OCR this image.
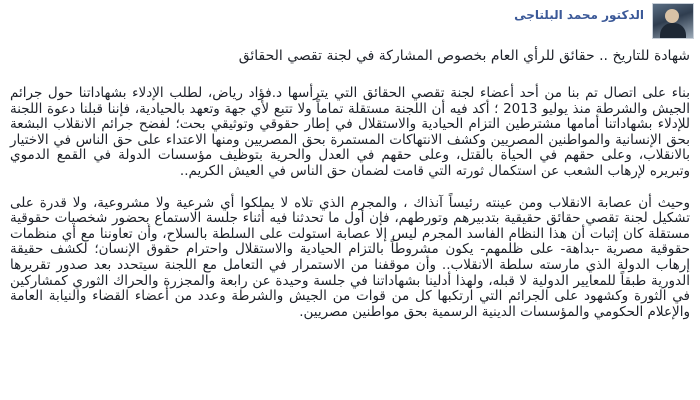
الدكتور محمد البلتاجى
شهادة للتاريخ .. حقائق للرأي العام بخصوص المشاركة في لجنة تقصي الحقائق

بناء على اتصال تم بنا من أحد أعضاء لجنة تقصي الحقائق التي يترأسها د.فؤاد رياض، لطلب الإدلاء بشهاداتنا حول جرائم الجيش والشرطة منذ يوليو 2013 ؛ أكد فيه أن اللجنة مستقلة تماماً ولا تتبع لأي جهة وتعهد بالحيادية، فإننا قبلنا دعوة اللجنة للإدلاء بشهاداتنا أمامها مشترطين التزام الحيادية والاستقلال في إطار حقوقي وتوثيقي بحت؛ لفضح جرائم الانقلاب البشعة بحق الإنسانية والمواطنين المصريين وكشف الانتهاكات المستمرة بحق المصريين ومنها الاعتداء على حق الناس في الاختيار بالانقلاب، وعلى حقهم في الحياة بالقتل، وعلى حقهم في العدل والحرية بتوظيف مؤسسات الدولة في القمع الدموي وتبريره لإرهاب الشعب عن استكمال ثورته التي قامت لضمان حق الناس في العيش الكريم..

وحيث أن عصابة الانقلاب ومن عينته رئيساً آنذاك ، والمجرم الذي تلاه لا يملكوا أي شرعية ولا مشروعية، ولا قدرة على تشكيل لجنة تقصي حقائق حقيقية بتدبيرهم وتورطهم، فإن أول ما تحدثنا فيه أثناء جلسة الاستماع بحضور شخصيات حقوقية مستقلة كان إثبات أن هذا النظام الفاسد المجرم ليس إلا عصابة استولت على السلطة بالسلاح، وأن تعاوننا مع أي منظمات حقوقية مصرية -بداهة- على ظلمهم- يكون مشروطاً بالتزام الحيادية والاستقلال واحترام حقوق الإنسان؛ لكشف حقيقة إرهاب الدولة الذي مارسته سلطة الانقلاب.. وأن موقفنا من الاستمرار في التعامل مع اللجنة سيتحدد بعد صدور تقريرها الدورية طبقاً للمعايير الدولية لا قبله، ولهذا أدلينا بشهاداتنا في جلسة وحيدة عن رابعة والمجزرة والحراك الثوري كمشاركين في الثورة وكشهود على الجرائم التي ارتكبها كل من قوات من الجيش والشرطة وعدد من أعضاء القضاء والنيابة العامة والإعلام الحكومي والمؤسسات الدينية الرسمية بحق مواطنين مصريين.
